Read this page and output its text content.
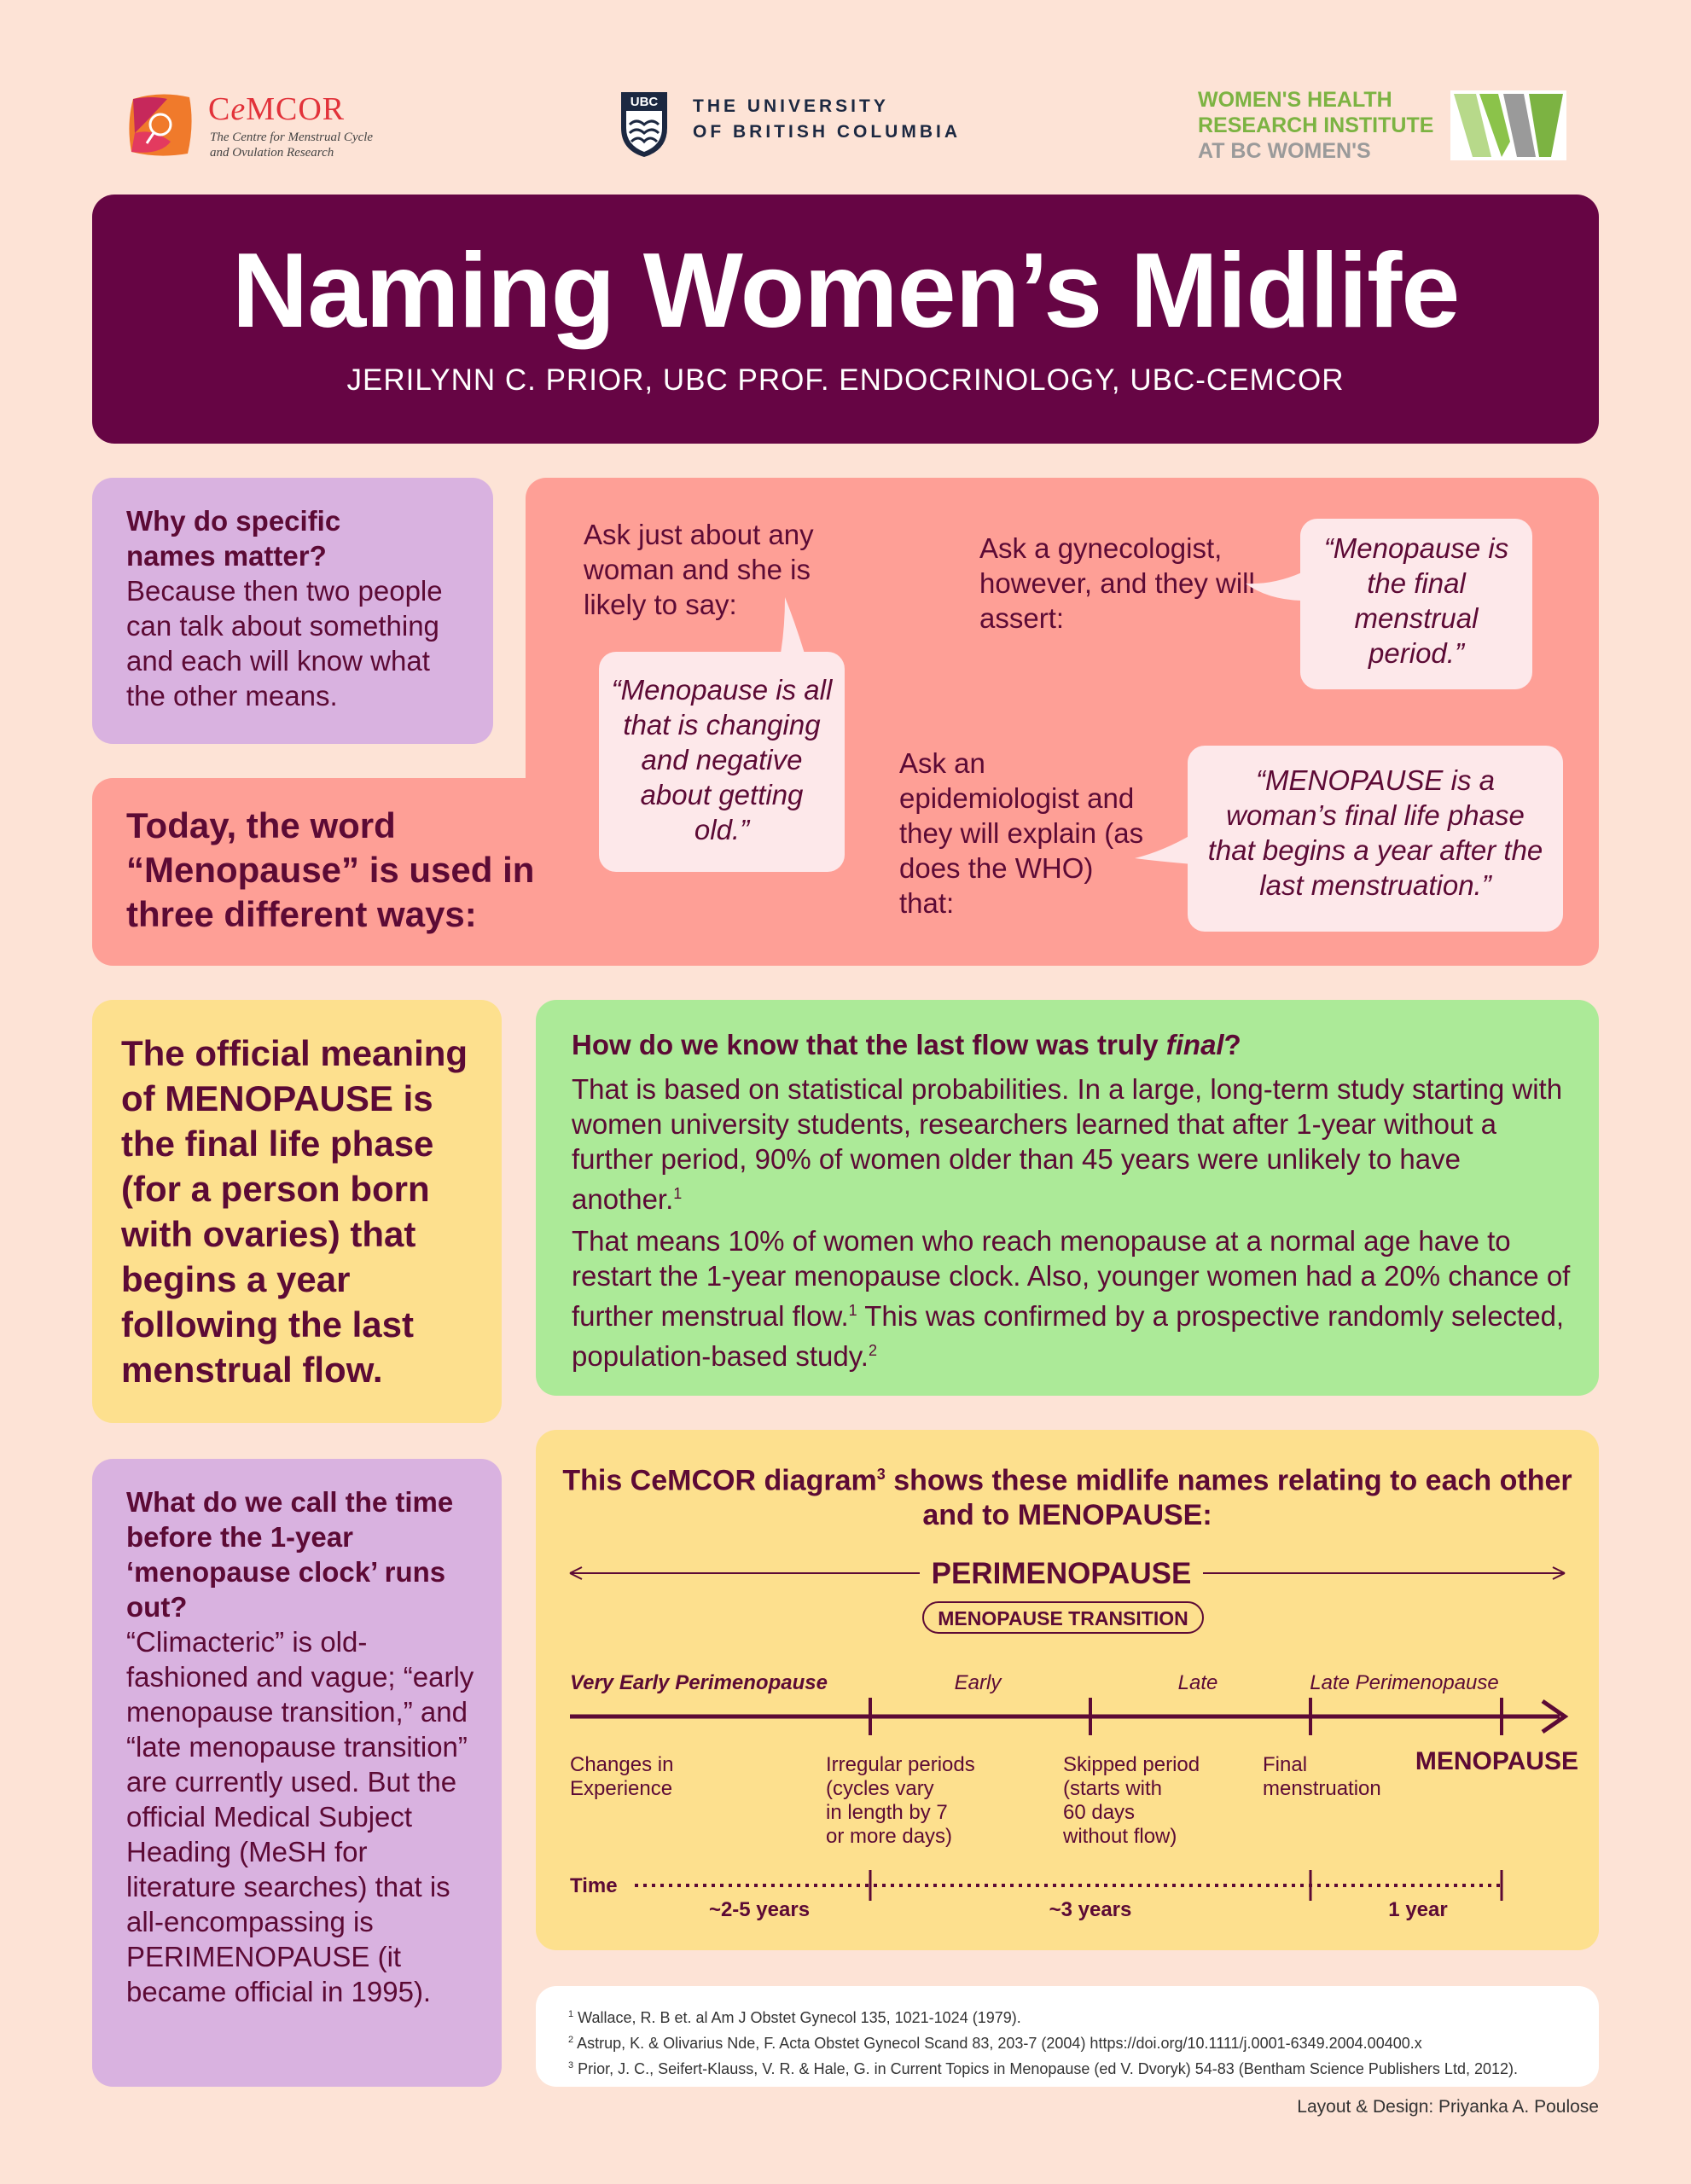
CeMCOR
The Centre for Menstrual Cycle
and Ovulation Research
UBC THE UNIVERSITY
OF BRITISH COLUMBIA
WOMEN'S HEALTH
RESEARCH INSTITUTE
AT BC WOMEN'S
Naming Women’s Midlife
JERILYNN C. PRIOR, UBC PROF. ENDOCRINOLOGY, UBC-CEMCOR
Why do specific
names matter?
Because then two people can talk about something and each will know what the other means.
Today, the word “Menopause” is used in three different ways:
Ask just about any woman and she is likely to say:
“Menopause is all that is changing and negative about getting old.”
Ask a gynecologist, however, and they will assert:
“Menopause is the final menstrual period.”
Ask an epidemiologist and they will explain (as does the WHO) that:
“MENOPAUSE is a woman’s final life phase that begins a year after the last menstruation.”
The official meaning of MENOPAUSE is the final life phase (for a person born with ovaries) that begins a year following the last menstrual flow.
How do we know that the last flow was truly final?
That is based on statistical probabilities. In a large, long-term study starting with women university students, researchers learned that after 1-year without a further period, 90% of women older than 45 years were unlikely to have another.$^1$
That means 10% of women who reach menopause at a normal age have to restart the 1-year menopause clock. Also, younger women had a 20% chance of further menstrual flow.$^1$ This was confirmed by a prospective randomly selected, population-based study.$^2$
What do we call the time before the 1-year ‘menopause clock’ runs out?
“Climacteric” is old-fashioned and vague; “early menopause transition,” and “late menopause transition” are currently used. But the official Medical Subject Heading (MeSH for literature searches) that is all-encompassing is PERIMENOPAUSE (it became official in 1995).
This CeMCOR diagram$^3$ shows these midlife names relating to each other
and to MENOPAUSE:
PERIMENOPAUSE
MENOPAUSE TRANSITION
Very Early Perimenopause	Early	Late	Late Perimenopause
Changes in
Experience
Irregular periods
(cycles vary
in length by 7
or more days)
Skipped period
(starts with
60 days
without flow)
Final
menstruation
MENOPAUSE
Time
~2-5 years	~3 years	1 year
$^1$ Wallace, R. B et. al Am J Obstet Gynecol 135, 1021-1024 (1979).
$^2$ Astrup, K. & Olivarius Nde, F. Acta Obstet Gynecol Scand 83, 203-7 (2004) https://doi.org/10.1111/j.0001-6349.2004.00400.x
$^3$ Prior, J. C., Seifert-Klauss, V. R. & Hale, G. in Current Topics in Menopause (ed V. Dvoryk) 54-83 (Bentham Science Publishers Ltd, 2012).
Layout & Design: Priyanka A. Poulose
